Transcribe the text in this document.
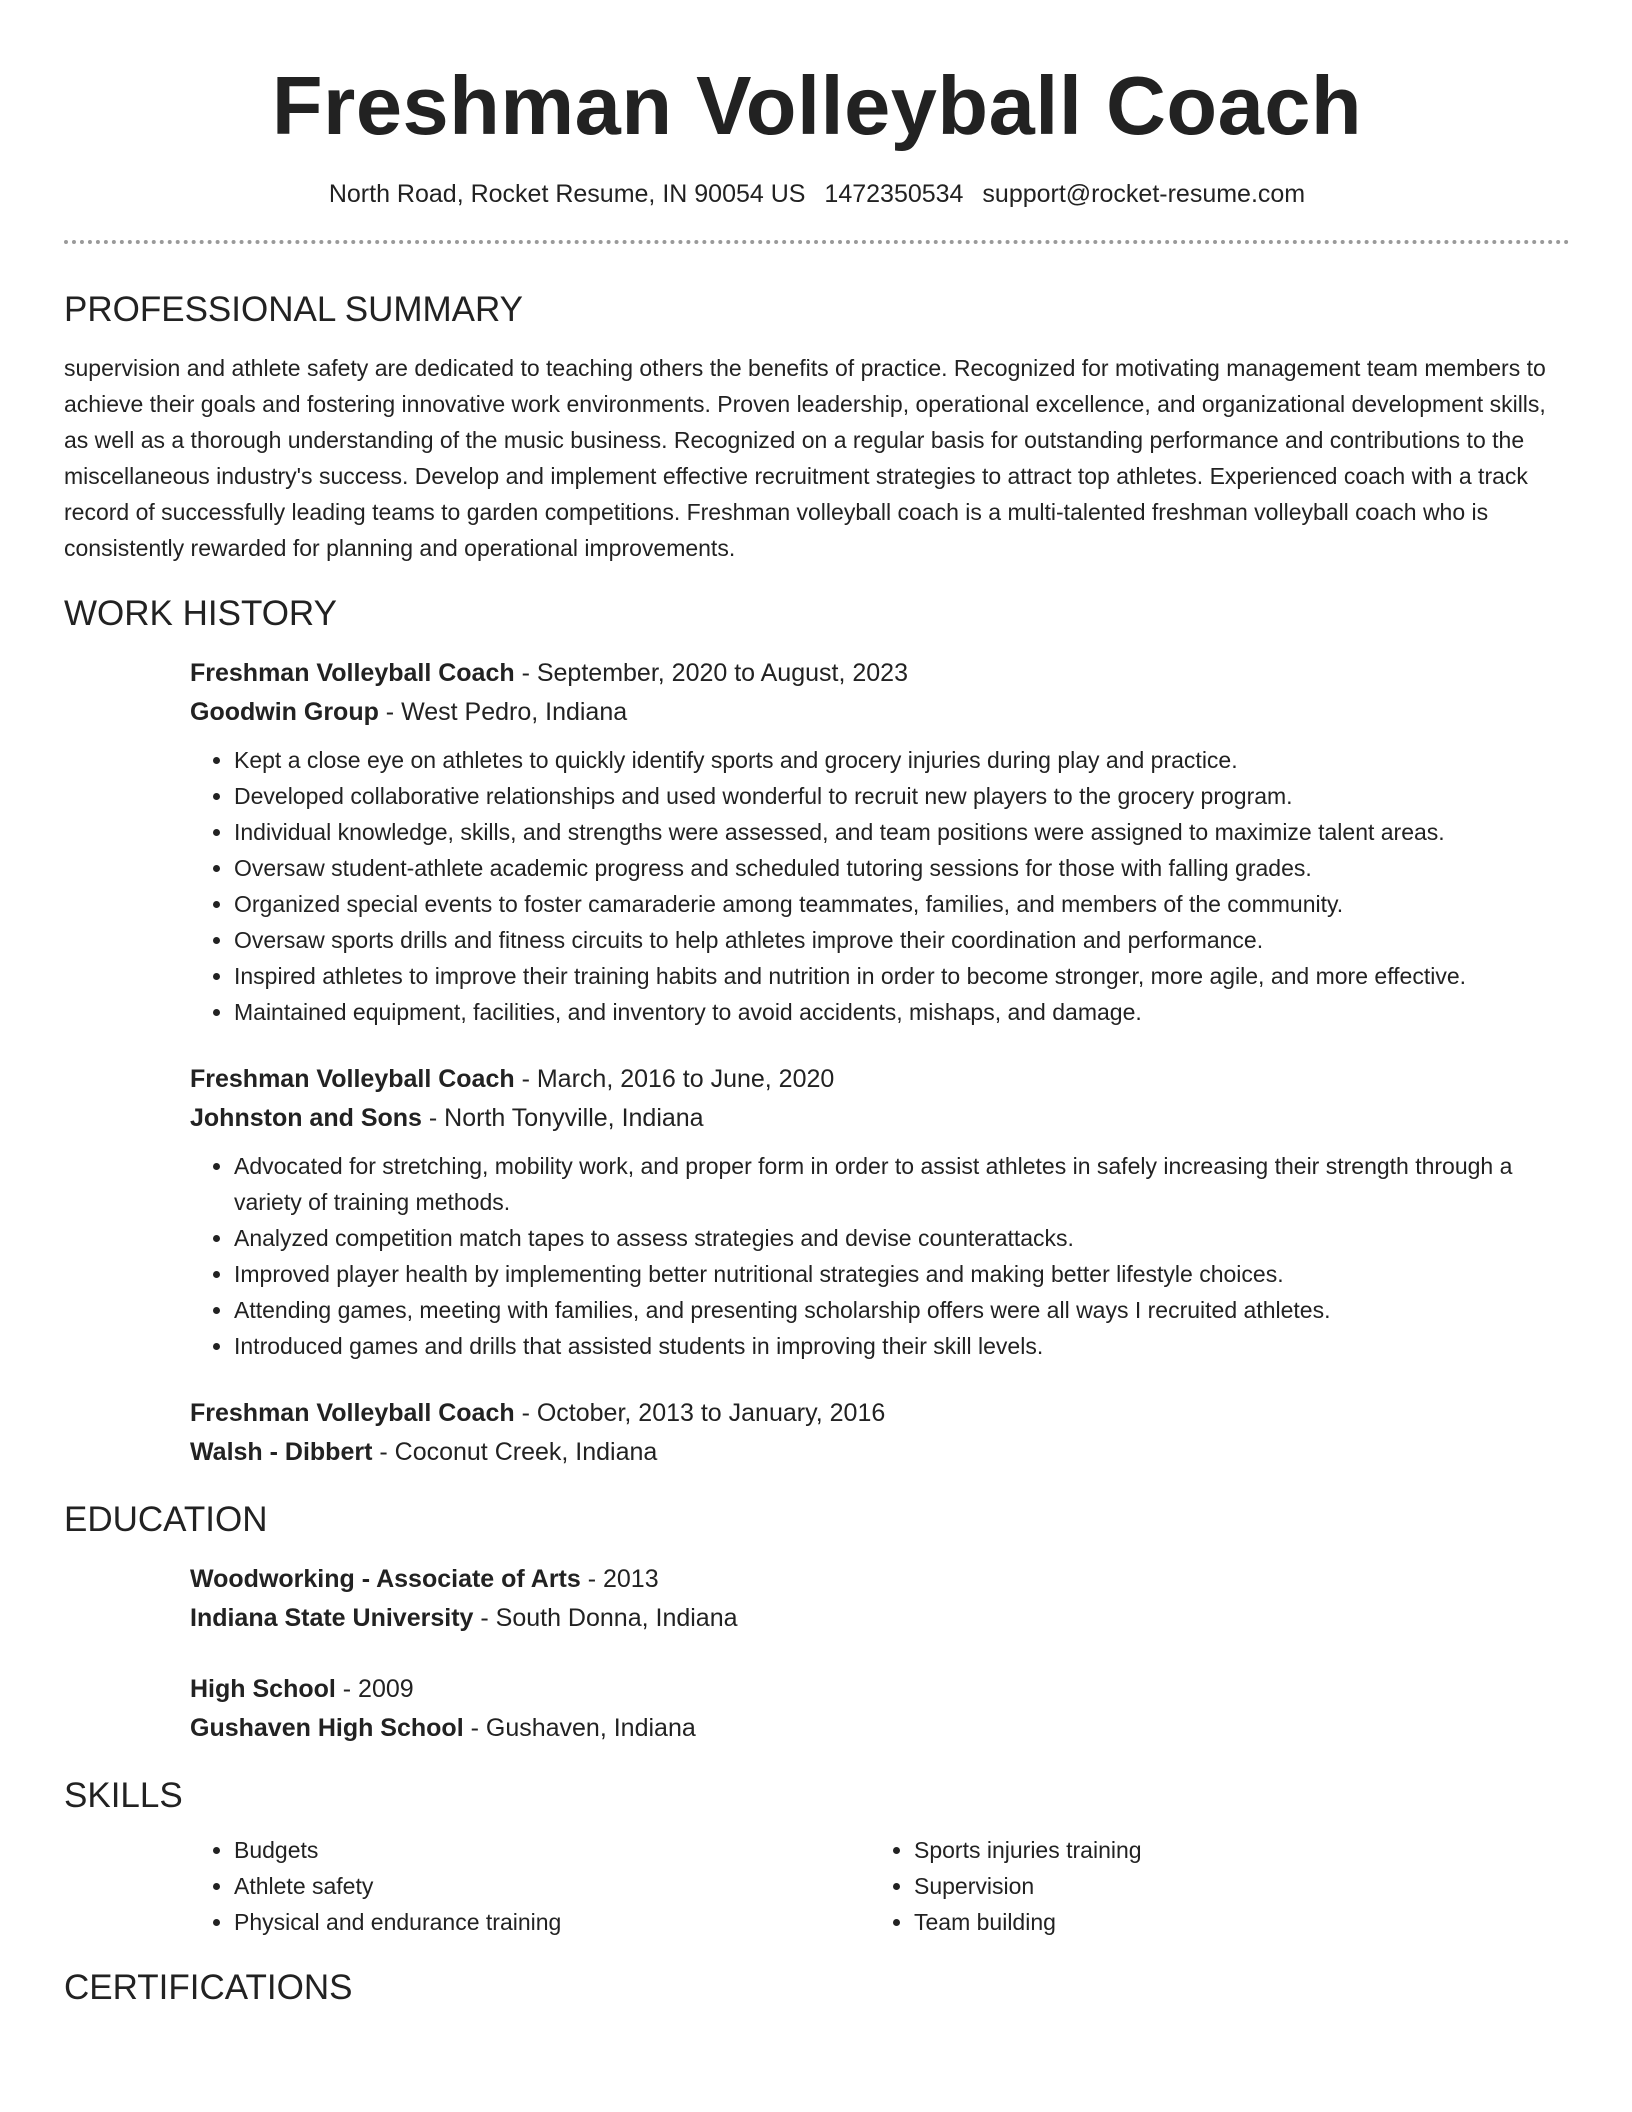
Freshman Volleyball Coach
North Road, Rocket Resume, IN 90054 US 1472350534 support@rocket-resume.com
PROFESSIONAL SUMMARY

supervision and athlete safety are dedicated to teaching others the benefits of practice. Recognized for motivating management team members to achieve their goals and fostering innovative work environments. Proven leadership, operational excellence, and organizational development skills, as well as a thorough understanding of the music business. Recognized on a regular basis for outstanding performance and contributions to the miscellaneous industry's success. Develop and implement effective recruitment strategies to attract top athletes. Experienced coach with a track record of successfully leading teams to garden competitions. Freshman volleyball coach is a multi-talented freshman volleyball coach who is consistently rewarded for planning and operational improvements.

WORK HISTORY

Freshman Volleyball Coach - September, 2020 to August, 2023

Goodwin Group - West Pedro, Indiana

• Kept a close eye on athletes to quickly identify sports and grocery injuries during play and practice.
• Developed collaborative relationships and used wonderful to recruit new players to the grocery program.
• Individual knowledge, skills, and strengths were assessed, and team positions were assigned to maximize talent areas.
• Oversaw student-athlete academic progress and scheduled tutoring sessions for those with falling grades.
• Organized special events to foster camaraderie among teammates, families, and members of the community.
• Oversaw sports drills and fitness circuits to help athletes improve their coordination and performance.
• Inspired athletes to improve their training habits and nutrition in order to become stronger, more agile, and more effective.
• Maintained equipment, facilities, and inventory to avoid accidents, mishaps, and damage.

Freshman Volleyball Coach - March, 2016 to June, 2020

Johnston and Sons - North Tonyville, Indiana

• Advocated for stretching, mobility work, and proper form in order to assist athletes in safely increasing their strength through a variety of training methods.
• Analyzed competition match tapes to assess strategies and devise counterattacks.
• Improved player health by implementing better nutritional strategies and making better lifestyle choices.
• Attending games, meeting with families, and presenting scholarship offers were all ways I recruited athletes.
• Introduced games and drills that assisted students in improving their skill levels.

Freshman Volleyball Coach - October, 2013 to January, 2016

Walsh - Dibbert - Coconut Creek, Indiana

EDUCATION

Woodworking - Associate of Arts - 2013

Indiana State University - South Donna, Indiana

High School - 2009

Gushaven High School - Gushaven, Indiana

SKILLS
• Budgets
• Athlete safety
• Physical and endurance training
• Sports injuries training
• Supervision
• Team building
CERTIFICATIONS
